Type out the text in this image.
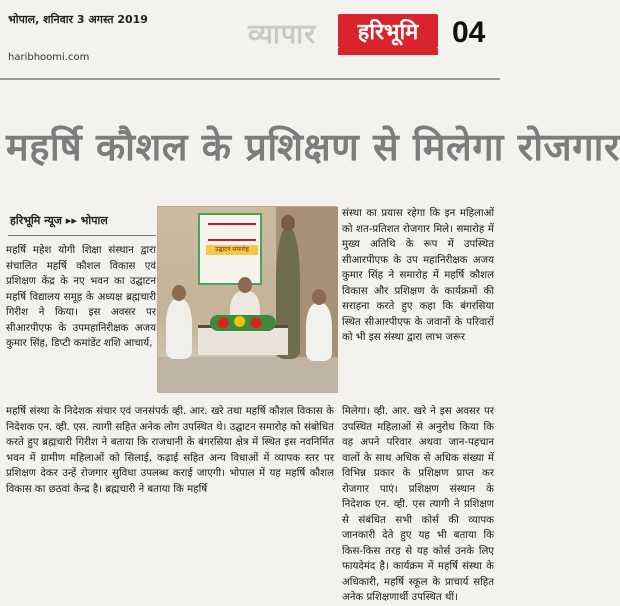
भोपाल, शनिवार 3 अगस्त 2019
haribhoomi.com
व्यापार	हरिभूमि	04
महर्षि कौशल के प्रशिक्षण से मिलेगा रोजगार
हरिभूमि न्यूज ▸▸ भोपाल
महर्षि महेश योगी शिक्षा संस्थान द्वारा संचालित महर्षि कौशल विकास एवं प्रशिक्षण केंद्र के नए भवन का उद्घाटन महर्षि विद्यालय समूह के अध्यक्ष ब्रह्मचारी गिरीश ने किया। इस अवसर पर सीआरपीएफ के उपमहानिरीक्षक अजय कुमार सिंह, डिप्टी कमांडेंट शशि आचार्य,
उद्घाटन समारोह
संस्था का प्रयास रहेगा कि इन महिलाओं को शत-प्रतिशत रोजगार मिले। समारोह में मुख्य अतिथि के रूप में उपस्थित सीआरपीएफ के उप महानिरीक्षक अजय कुमार सिंह ने समारोह में महर्षि कौशल विकास और प्रशिक्षण के कार्यक्रमों की सराहना करते हुए कहा कि बंगरसिया स्थित सीआरपीएफ के जवानों के परिवारों को भी इस संस्था द्वारा लाभ जरूर
महर्षि संस्था के निदेशक संचार एवं जनसंपर्क व्ही. आर. खरे तथा महर्षि कौशल विकास के निदेशक एन. व्ही. एस. त्यागी सहित अनेक लोग उपस्थित थे। उद्घाटन समारोह को संबोधित करते हुए ब्रह्मचारी गिरीश ने बताया कि राजधानी के बंगरसिया क्षेत्र में स्थित इस नवनिर्मित भवन में ग्रामीण महिलाओं को सिलाई, कढ़ाई सहित अन्य विधाओं में व्यापक स्तर पर प्रशिक्षण देकर उन्हें रोजगार सुविधा उपलब्ध कराई जाएगी। भोपाल में यह महर्षि कौशल विकास का छठवां केन्द्र है। ब्रह्मचारी ने बताया कि महर्षि
मिलेगा। व्ही. आर. खरे ने इस अवसर पर उपस्थित महिलाओं से अनुरोध किया कि वह अपने परिवार अथवा जान-पहचान वालों के साथ अधिक से अधिक संख्या में विभिन्न प्रकार के प्रशिक्षण प्राप्त कर रोजगार पाएं। प्रशिक्षण संस्थान के निदेशक एन. व्ही. एस त्यागी ने प्रशिक्षण से संबंधित सभी कोर्स की व्यापक जानकारी देते हुए यह भी बताया कि किस-किस तरह से यह कोर्स उनके लिए फायदेमंद है। कार्यक्रम में महर्षि संस्था के अधिकारी, महर्षि स्कूल के प्राचार्य सहित अनेक प्रशिक्षणार्थी उपस्थित थीं।
